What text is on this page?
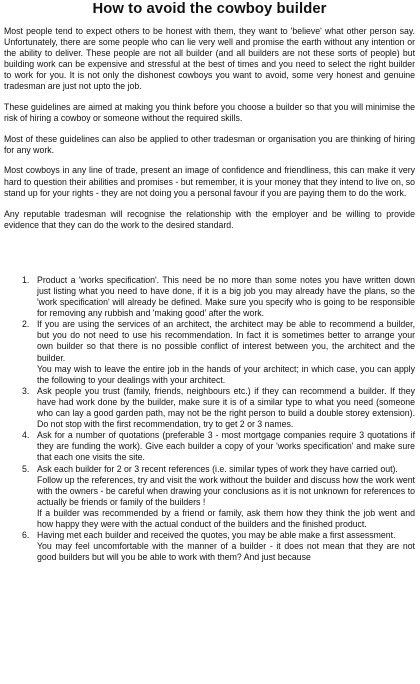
How to avoid the cowboy builder

Most people tend to expect others to be honest with them, they want to 'believe' what other person say. Unfortunately, there are some people who can lie very well and promise the earth without any intention or the ability to deliver. These people are not all builder (and all builders are not these sorts of people) but building work can be expensive and stressful at the best of times and you need to select the right builder to work for you. It is not only the dishonest cowboys you want to avoid, some very honest and genuine tradesman are just not upto the job.

These guidelines are aimed at making you think before you choose a builder so that you will minimise the risk of hiring a cowboy or someone without the required skills.

Most of these guidelines can also be applied to other tradesman or organisation you are thinking of hiring for any work.

Most cowboys in any line of trade, present an image of confidence and friendliness, this can make it very hard to question their abilities and promises - but remember, it is your money that they intend to live on, so stand up for your rights - they are not doing you a personal favour if you are paying them to do the work.

Any reputable tradesman will recognise the relationship with the employer and be willing to provide evidence that they can do the work to the desired standard.

1. Product a 'works specification'. This need be no more than some notes you have written down just listing what you need to have done, if it is a big job you may already have the plans, so the 'work specification' will already be defined. Make sure you specify who is going to be responsible for removing any rubbish and 'making good' after the work.
2. If you are using the services of an architect, the architect may be able to recommend a builder, but you do not need to use his recommendation. In fact it is sometimes better to arrange your own builder so that there is no possible conflict of interest between you, the architect and the builder.
You may wish to leave the entire job in the hands of your architect; in which case, you can apply the following to your dealings with your architect.
3. Ask people you trust (family, friends, neighbours etc.) if they can recommend a builder. If they have had work done by the builder, make sure it is of a similar type to what you need (someone who can lay a good garden path, may not be the right person to build a double storey extension). Do not stop with the first recommendation, try to get 2 or 3 names.
4. Ask for a number of quotations (preferable 3 - most mortgage companies require 3 quotations if they are funding the work). Give each builder a copy of your 'works specification' and make sure that each one visits the site.
5. Ask each builder for 2 or 3 recent references (i.e. similar types of work they have carried out).
Follow up the references, try and visit the work without the builder and discuss how the work went with the owners - be careful when drawing your conclusions as it is not unknown for references to actually be friends or family of the builders !
If a builder was recommended by a friend or family, ask them how they think the job went and how happy they were with the actual conduct of the builders and the finished product.
6. Having met each builder and received the quotes, you may be able make a first assessment.
You may feel uncomfortable with the manner of a builder - it does not mean that they are not good builders but will you be able to work with them? And just because
